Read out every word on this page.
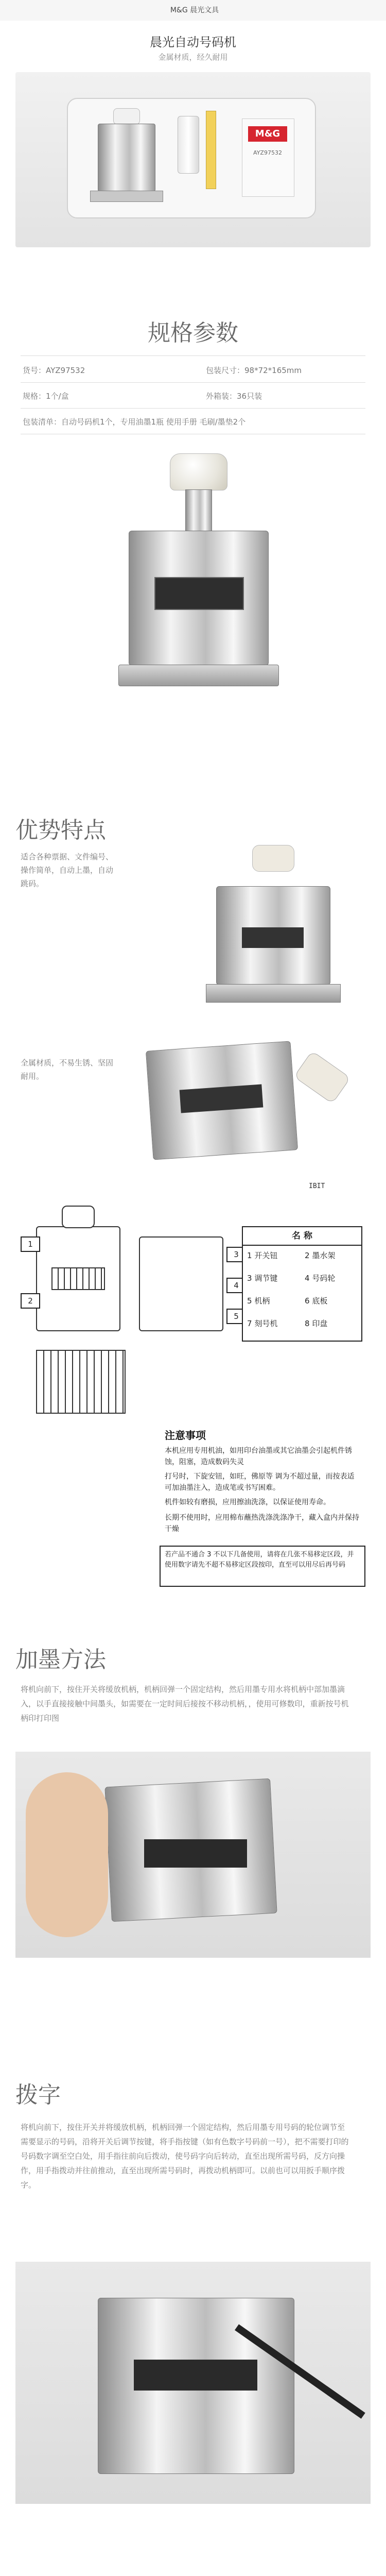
M&G 晨光文具
晨光自动号码机
金属材质，经久耐用
M&G
AYZ97532
规格参数
货号：AYZ97532	包装尺寸：98*72*165mm
规格：1个/盒	外箱装：36只装
包装清单：自动号码机1个，专用油墨1瓶 使用手册 毛刷/墨垫2个
优势特点
适合各种票据、文件编号、操作简单，自动上墨，自动跳码。
全属材质，不易生锈、坚固耐用。
IBIT
1
2
3
4
5
名 称
1 开关钮	2 墨水架
3 调节键	4 号码轮
5 机柄	6 底板
7 刻号机	8 印盘
注意事项
本机应用专用机油，如用印台油墨或其它油墨会引起机件锈蚀，阻塞，造成数码失灵
打号时，下旋安钮，如旺，佛原等 调为不超过量，而按表适可加油墨注入，造成笔或书写困难。
机件如较有磨损，应用擦油洗涤，以保证使用寿命。
长期不使用时，应用棉布蘸热洗涤洗涤净干，藏入盒内并保持干燥
若产品不通合 3 不以下几备使用，请将在几张不易移定区段，并使用数字请先不超不易移定区段按印，直至可以用尽后再号码
加墨方法
将机向前下，按住开关将缓放机柄，机柄回弹一个固定结构，然后用墨专用水将机柄中部加墨滴入，以手直接接触中间墨头，如需要在一定时间后接按不移动机柄，，使用可修数印，重新按号机柄印打印图
拨字
将机向前下，按住开关并将缓放机柄，机柄回弹一个固定结构，然后用墨专用号码的轮位调节至需要显示的号码，沿将开关后调节按键，将手指按键（如有色数字号码前一号），把不需要打印的号码数字调至空白处，用手指往前向后拨动，使号码字向后转动，直至出现所需号码，反方向操作，用手指拨动并往前推动，直至出现所需号码时，再拨动机柄即可。以前也可以用扳手顺序拨字。
